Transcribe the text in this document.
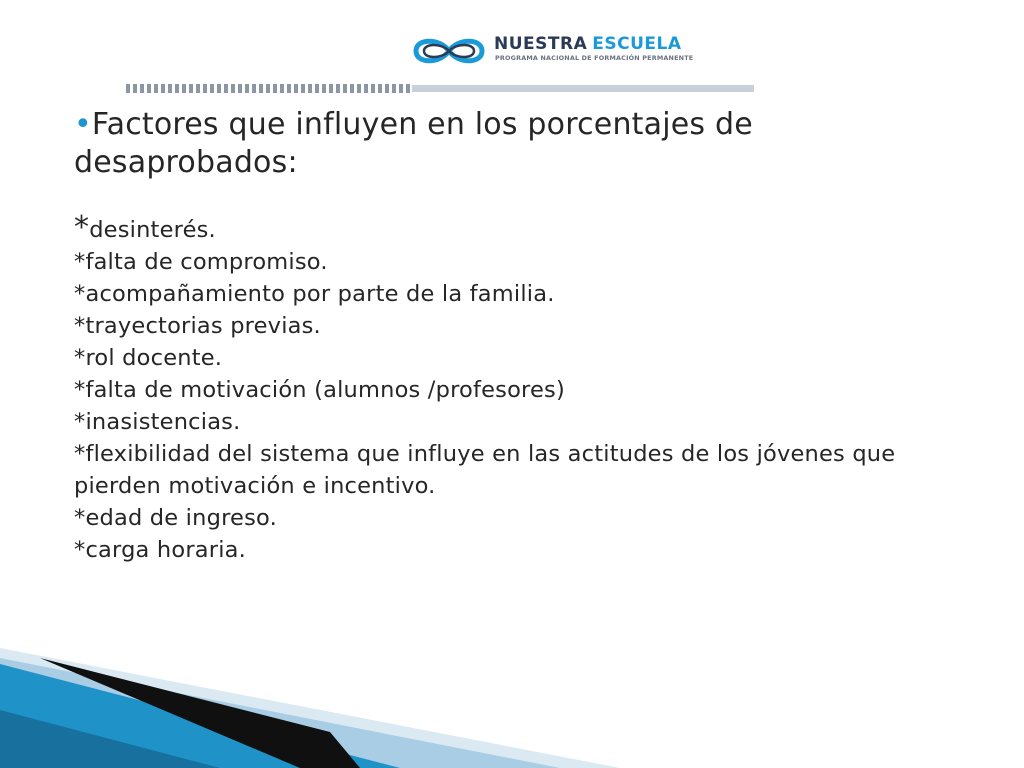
NUESTRA ESCUELA
PROGRAMA NACIONAL DE FORMACIÓN PERMANENTE

•Factores que influyen en los porcentajes de desaprobados:

*desinterés.
*falta de compromiso.
*acompañamiento por parte de la familia.
*trayectorias previas.
*rol docente.
*falta de motivación (alumnos /profesores)
*inasistencias.
*flexibilidad del sistema que influye en las actitudes de los jóvenes que pierden motivación e incentivo.
*edad de ingreso.
*carga horaria.
